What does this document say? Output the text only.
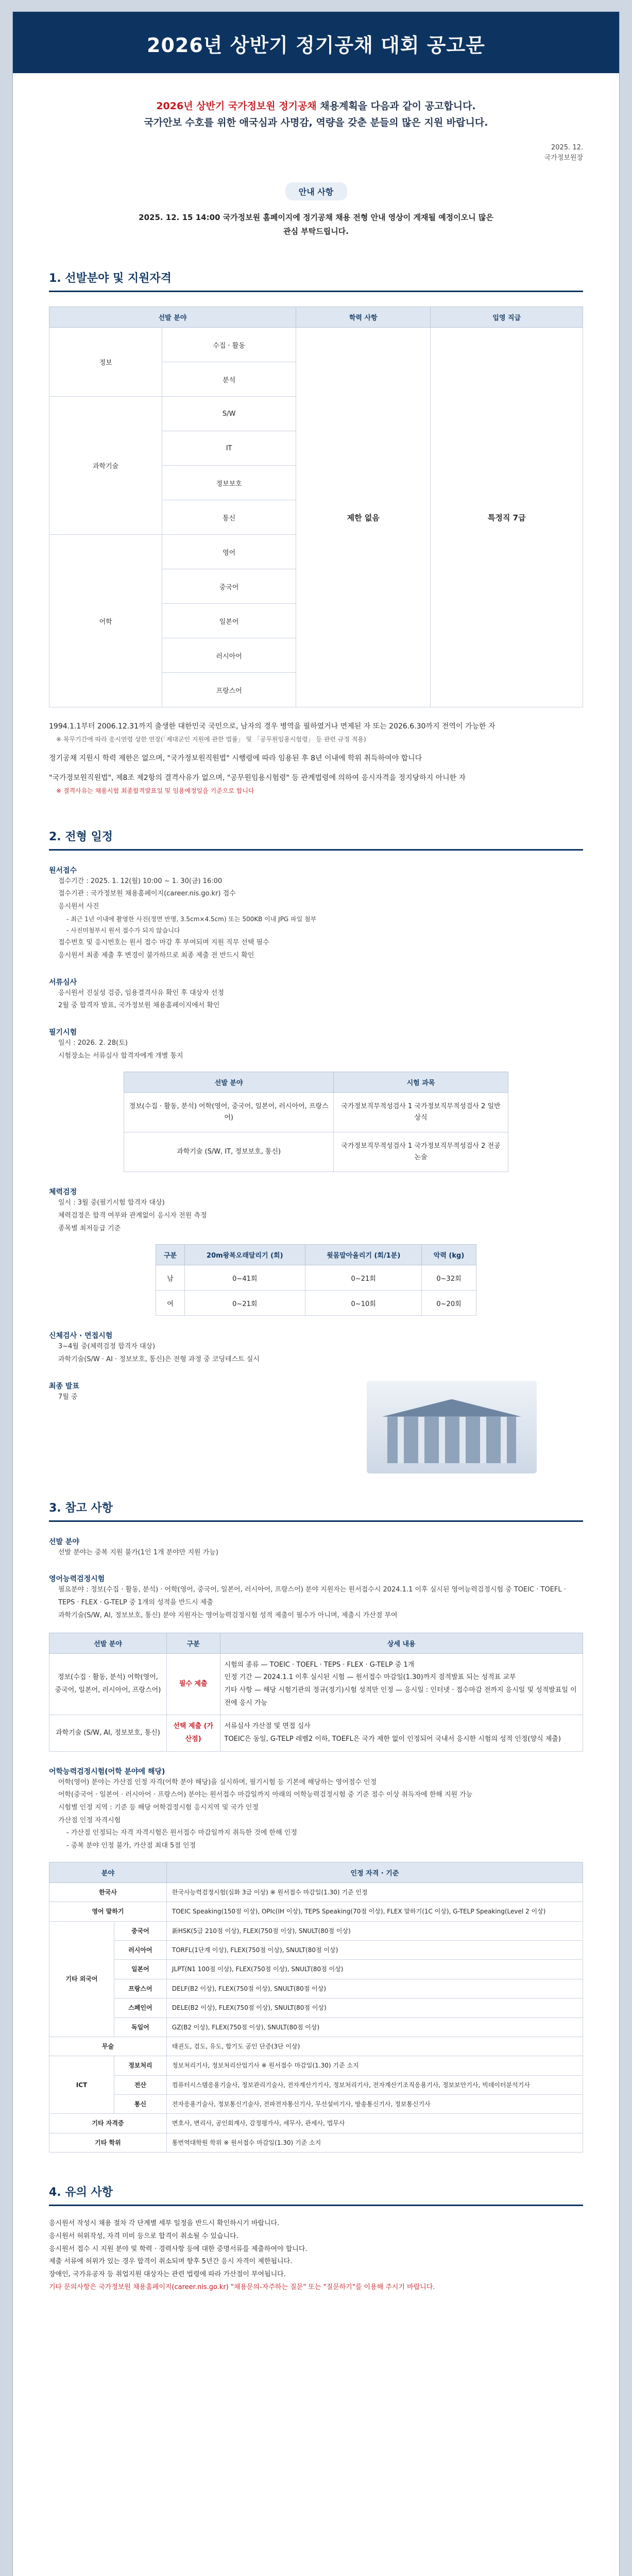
2026년 상반기 정기공채 대회 공고문
2026년 상반기 국가정보원 정기공채 채용계획을 다음과 같이 공고합니다.
국가안보 수호를 위한 애국심과 사명감, 역량을 갖춘 분들의 많은 지원 바랍니다.
2025. 12.
국가정보원장
안내 사항
2025. 12. 15 14:00 국가정보원 홈페이지에 정기공채 채용 전형 안내 영상이 게재될 예정이오니 많은
관심 부탁드립니다.
1. 선발분야 및 지원자격
선발 분야		학력 사항	입영 직급
정보	수집 · 활동	제한 없음	특정직 7급
	분석		
과학기술	S/W		
	IT		
	정보보호		
	통신		
어학	영어		
	중국어		
	일본어		
	러시아어		
	프랑스어		
1994.1.1부터 2006.12.31까지 출생한 대한민국 국민으로, 남자의 경우 병역을 필하였거나 면제된 자 또는 2026.6.30까지 전역이 가능한 자
※ 복무기간에 따라 응시연령 상한 연장(「제대군인 지원에 관한 법률」 및 「공무원임용시험령」 등 관련 규정 적용)
정기공채 지원시 학력 제한은 없으며, "국가정보원직원법" 시행령에 따라 임용된 후 8년 이내에 학위 취득하여야 합니다
"국가정보원직원법", 제8조 제2항의 결격사유가 없으며, "공무원임용시험령" 등 관계법령에 의하여 응시자격을 정지당하지 아니한 자
※ 결격사유는 채용시험 최종합격발표일 및 임용예정일을 기준으로 합니다
2. 전형 일정
원서접수
접수기간 : 2025. 1. 12(월) 10:00 ~ 1. 30(금) 16:00
접수기관 : 국가정보원 채용홈페이지(career.nis.go.kr) 접수
응시원서 사진
- 최근 1년 이내에 촬영한 사진(정면 반명, 3.5cm×4.5cm) 또는 500KB 이내 JPG 파일 첨부
- 사진미첨부시 원서 접수가 되지 않습니다
접수번호 및 응시번호는 원서 접수 마감 후 부여되며 지원 직무 선택 필수
응시원서 최종 제출 후 변경이 불가하므로 최종 제출 전 반드시 확인
서류심사
응시원서 진실성 검증, 임용결격사유 확인 후 대상자 선정
2월 중 합격자 발표, 국가정보원 채용홈페이지에서 확인
필기시험
일시 : 2026. 2. 28(토)
시험장소는 서류심사 합격자에게 개별 통지
선발 분야	시험 과목
정보(수집 · 활동, 분석) 어학(영어, 중국어, 일본어, 러시아어, 프랑스어)	국가정보직무적성검사 1 국가정보직무적성검사 2 일반상식
과학기술 (S/W, IT, 정보보호, 통신)	국가정보직무적성검사 1 국가정보직무적성검사 2 전공논술
체력검정
일시 : 3월 중(필기시험 합격자 대상)
체력검정은 합격 여부와 관계없이 응시자 전원 측정
종목별 최저등급 기준
구분	20m왕복오래달리기 (회)	윗몸말아올리기 (회/1분)	악력 (kg)
남	0~41회	0~21회	0~32회
여	0~21회	0~10회	0~20회
신체검사 · 면접시험
3~4월 중(체력검정 합격자 대상)
과학기술(S/W · AI · 정보보호, 통신)은 전형 과정 중 코딩테스트 실시
최종 발표
7월 중
3. 참고 사항
선발 분야
선발 분야는 중복 지원 불가(1인 1개 분야만 지원 가능)
영어능력검정시험
필요분야 : 정보(수집 · 활동, 분석) · 어학(영어, 중국어, 일본어, 러시아어, 프랑스어) 분야 지원자는 원서접수시 2024.1.1 이후 실시된 영어능력검정시험 중 TOEIC · TOEFL · TEPS · FLEX · G-TELP 중 1개의 성적을 반드시 제출
과학기술(S/W, AI, 정보보호, 통신) 분야 지원자는 영어능력검정시험 성적 제출이 필수가 아니며, 제출시 가산점 부여
선발 분야	구분	상세 내용
정보(수집 · 활동, 분석) 어학(영어, 중국어, 일본어, 러시아어, 프랑스어)	필수 제출	시험의 종류 — TOEIC · TOEFL · TEPS · FLEX · G-TELP 중 1개
인정 기간 — 2024.1.1 이후 실시된 시험 — 원서접수 마감일(1.30)까지 점적발표 되는 성적표 교부
기타 사항 — 해당 시험기관의 정규(정기)시험 성적만 인정 — 응시일 : 인터넷 · 접수마감 전까지 응시일 및 성적발표일 이전에 응시 가능

과학기술 (S/W, AI, 정보보호, 통신)	선택 제출 (가산점)	서류심사 가산점 및 면접 심사
TOEIC은 동일, G-TELP 레벨2 이하, TOEFL은 국가 제한 없이 인정되어 국내서 응시한 시험의 성적 인정(양식 제출)
어학능력검정시험(어학 분야에 해당)
어학(영어) 분야는 가산점 인정 자격(어학 분야 해당)을 실시하며, 필기시험 등 기본에 해당하는 영어점수 인정
어학(중국어 · 일본어 · 러시아어 · 프랑스어) 분야는 원서접수 마감일까지 아래의 어학능력검정시험 중 기준 점수 이상 취득자에 한해 지원 가능
시험별 인정 지역 : 기준 등 해당 어학검정시험 응시지역 및 국가 인정
가산점 인정 자격시험
- 가산점 인정되는 자격 자격시험은 원서접수 마감일까지 취득한 것에 한해 인정
- 중복 분야 인정 불가, 가산점 최대 5점 인정
분야		인정 자격 · 기준
한국사		한국사능력검정시험(심화 3급 이상) ※ 원서접수 마감일(1.30) 기준 인정
영어 말하기		TOEIC Speaking(150점 이상), OPIc(IH 이상), TEPS Speaking(70점 이상), FLEX 말하기(1C 이상), G-TELP Speaking(Level 2 이상)
기타 외국어	중국어	新HSK(5급 210점 이상), FLEX(750점 이상), SNULT(80점 이상)
	러시아어	TORFL(1단계 이상), FLEX(750점 이상), SNULT(80점 이상)
	일본어	JLPT(N1 100점 이상), FLEX(750점 이상), SNULT(80점 이상)
	프랑스어	DELF(B2 이상), FLEX(750점 이상), SNULT(80점 이상)
	스페인어	DELE(B2 이상), FLEX(750점 이상), SNULT(80점 이상)
	독일어	GZ(B2 이상), FLEX(750점 이상), SNULT(80점 이상)
무술		태권도, 검도, 유도, 합기도 공인 단증(3단 이상)
ICT	정보처리	정보처리기사, 정보처리산업기사 ※ 원서접수 마감일(1.30) 기준 소지
	전산	컴퓨터시스템응용기술사, 정보관리기술사, 전자계산기기사, 정보처리기사, 전자계산기조직응용기사, 정보보안기사, 빅데이터분석기사
	통신	전자응용기술사, 정보통신기술사, 전파전자통신기사, 무선설비기사, 방송통신기사, 정보통신기사
기타 자격증		변호사, 변리사, 공인회계사, 감정평가사, 세무사, 관세사, 법무사
기타 학위		통번역대학원 학위 ※ 원서접수 마감일(1.30) 기준 소지
4. 유의 사항
응시원서 작성시 채용 절차 각 단계별 세부 일정을 반드시 확인하시기 바랍니다.
응시원서 허위작성, 자격 미비 등으로 합격이 취소될 수 있습니다.
응시원서 접수 시 지원 분야 및 학력 · 경력사항 등에 대한 증명서류를 제출하여야 합니다.
제출 서류에 허위가 있는 경우 합격이 취소되며 향후 5년간 응시 자격이 제한됩니다.
장애인, 국가유공자 등 취업지원 대상자는 관련 법령에 따라 가산점이 부여됩니다.
기타 문의사항은 국가정보원 채용홈페이지(career.nis.go.kr) "채용문의-자주하는 질문" 또는 "질문하기"를 이용해 주시기 바랍니다.
